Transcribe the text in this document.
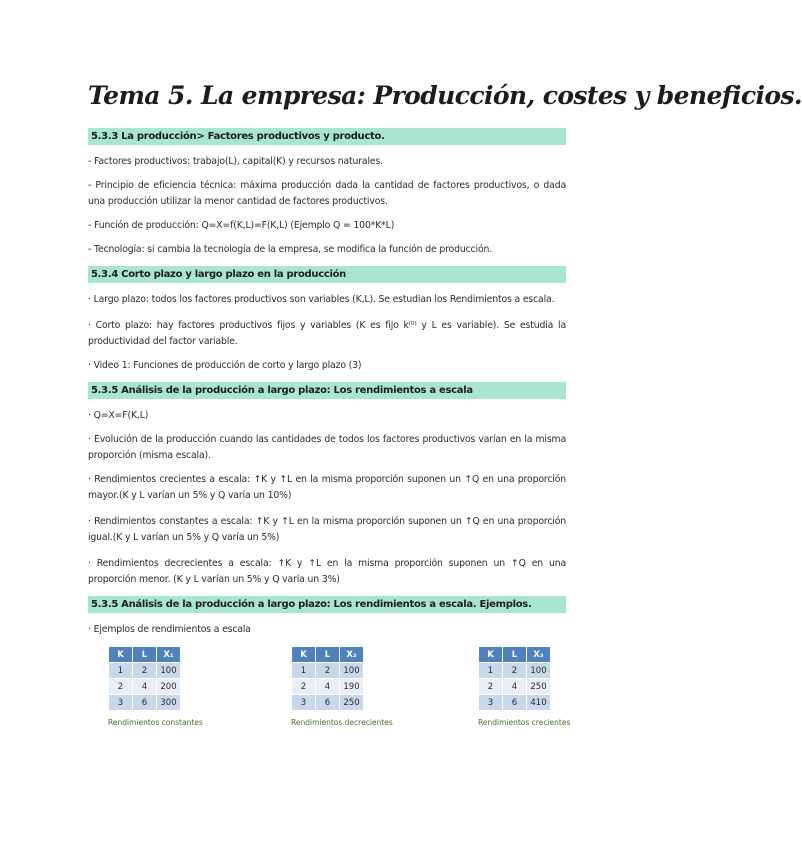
Tema 5. La empresa: Producción, costes y beneficios.
5.3.3 La producción> Factores productivos y producto.

- Factores productivos: trabajo(L), capital(K) y recursos naturales.

- Principio de eficiencia técnica: máxima producción dada la cantidad de factores productivos, o dada una producción utilizar la menor cantidad de factores productivos.

- Función de producción: Q=X=f(K,L)=F(K,L) (Ejemplo Q = 100*K*L)

- Tecnología: si cambia la tecnología de la empresa, se modifica la función de producción.

5.3.4 Corto plazo y largo plazo en la producción

· Largo plazo: todos los factores productivos son variables (K,L). Se estudian los Rendimientos a escala.

· Corto plazo: hay factores productivos fijos y variables (K es fijo k⁽⁰⁾ y L es variable). Se estudia la productividad del factor variable.

· Video 1: Funciones de producción de corto y largo plazo (3)

5.3.5 Análisis de la producción a largo plazo: Los rendimientos a escala

· Q=X=F(K,L)

· Evolución de la producción cuando las cantidades de todos los factores productivos varían en la misma proporción (misma escala).

· Rendimientos crecientes a escala: ↑K y ↑L en la misma proporción suponen un ↑Q en una proporción mayor.(K y L varían un 5% y Q varía un 10%)

· Rendimientos constantes a escala: ↑K y ↑L en la misma proporción suponen un ↑Q en una proporción igual.(K y L varían un 5% y Q varía un 5%)

· Rendimientos decrecientes a escala: ↑K y ↑L en la misma proporción suponen un ↑Q en una proporción menor. (K y L varían un 5% y Q varía un 3%)

5.3.5 Análisis de la producción a largo plazo: Los rendimientos a escala. Ejemplos.

· Ejemplos de rendimientos a escala

K	L	X₁
1	2	100
2	4	200
3	6	300
Rendimientos constantes
K	L	X₂
1	2	100
2	4	190
3	6	250
Rendimientos decrecientes
K	L	X₃
1	2	100
2	4	250
3	6	410
Rendimientos crecientes
